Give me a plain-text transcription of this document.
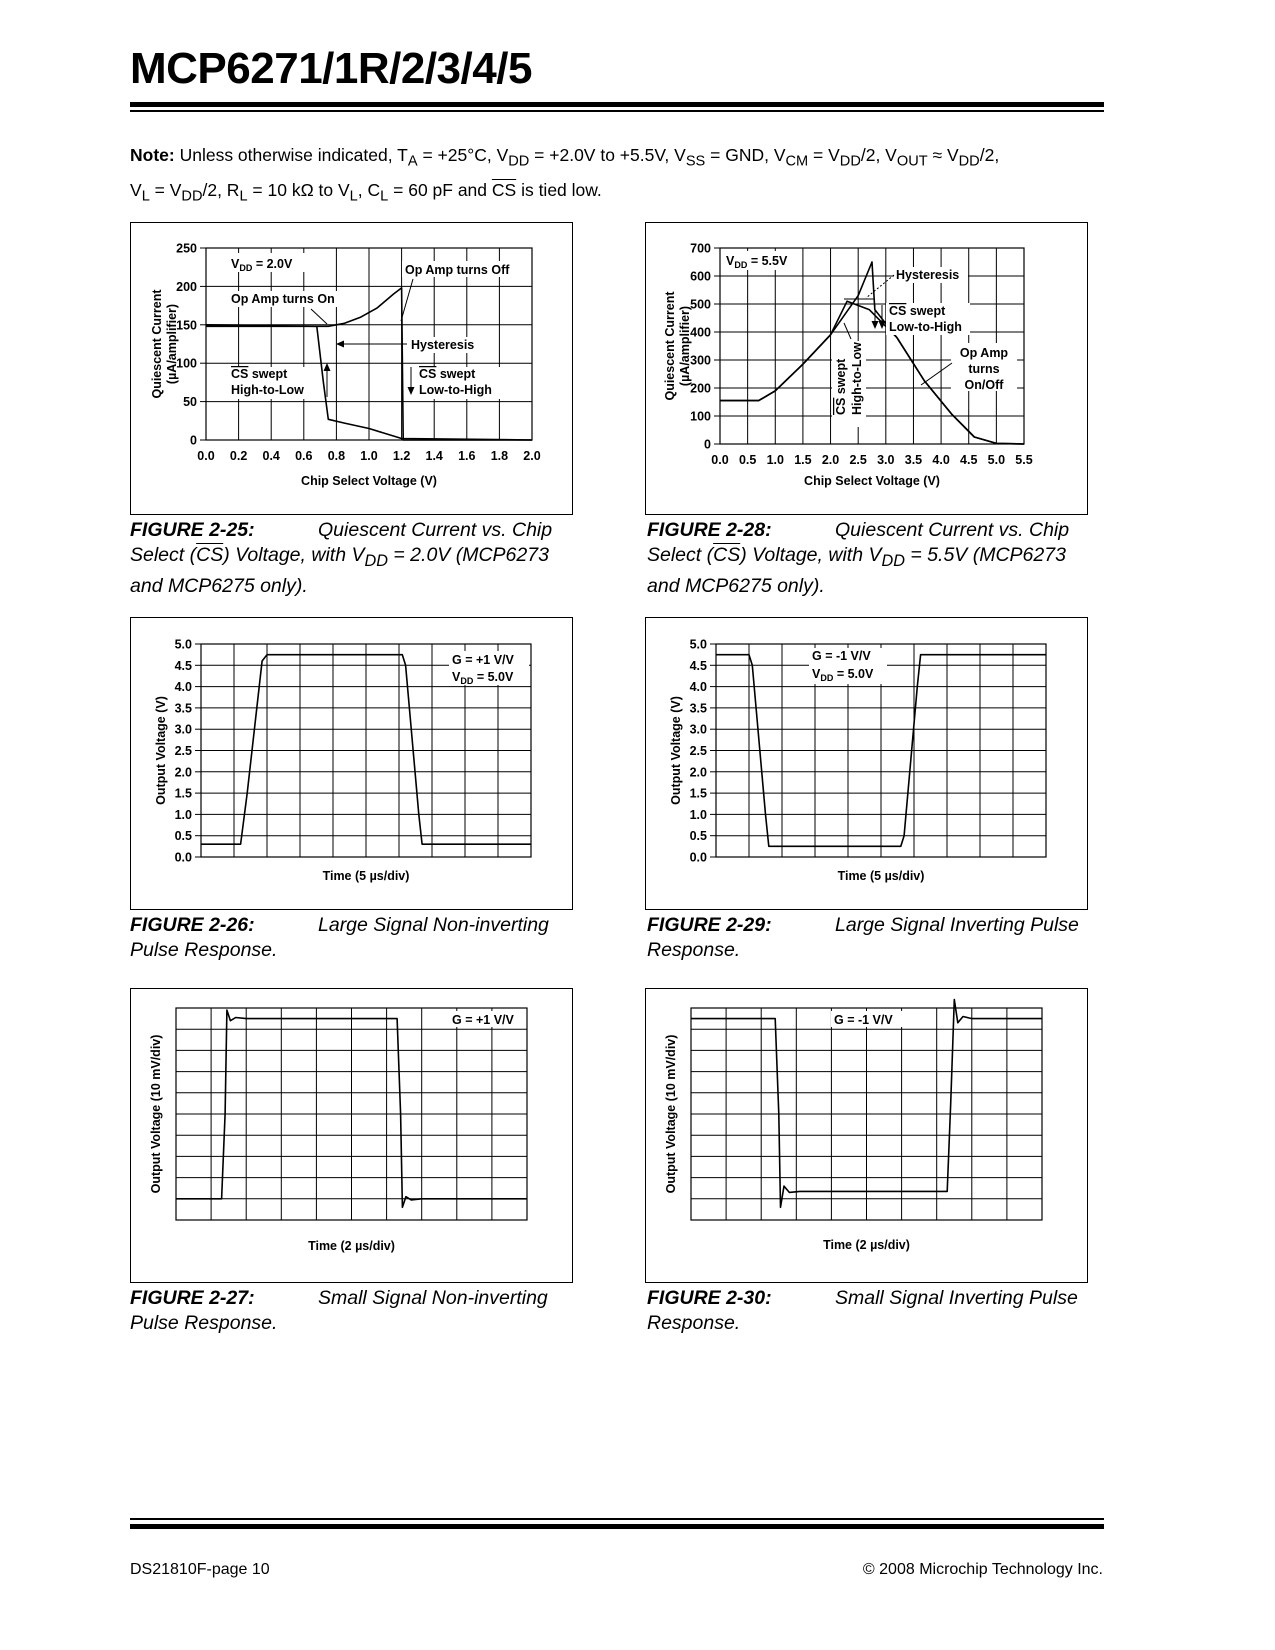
MCP6271/1R/2/3/4/5
Note: Unless otherwise indicated, $T_A = +25^\circ C$, $V_{DD} = +2.0V$ to +5.5V, $V_{SS}$ = GND, $V_{CM} = V_{DD}/2$, $V_{OUT} \approx V_{DD}/2$,
$V_L = V_{DD}/2$, $R_L = 10$ kΩ to $V_L$, $C_L = 60$ pF and $\overline{CS}$ is tied low.
0
50
100
150
200
250
0.0 0.2 0.4 0.6 0.8 1.0 1.2 1.4 1.6 1.8 2.0
Chip Select Voltage (V)
Quiescent Current (µA/amplifier)
$V_{DD} = 2.0V$	Op Amp turns Off
Op Amp turns On
Hysteresis
CS swept
High-to-Low
CS swept
Low-to-High
0
100
200
300
400
500
600
700
0.0 0.5 1.0 1.5 2.0 2.5 3.0 3.5 4.0 4.5 5.0 5.5
Chip Select Voltage (V)
Quiescent Current (µA/amplifier)
$V_{DD} = 5.5V$
Hysteresis
CS swept
Low-to-High
CS swept High-to-Low	Op Amp
turns
On/Off
0.0
0.5
1.0
1.5
2.0
2.5
3.0
3.5
4.0
4.5
5.0
Time (5 µs/div)
Output Voltage (V)
G = +1 V/V
$V_{DD} = 5.0V$
0.0
0.5
1.0
1.5
2.0
2.5
3.0
3.5
4.0
4.5
5.0
Time (5 µs/div)
Output Voltage (V)
G = -1 V/V
$V_{DD} = 5.0V$
Time (2 µs/div)
Output Voltage (10 mV/div)
G = +1 V/V
Time (2 µs/div)
Output Voltage (10 mV/div)
G = -1 V/V
FIGURE 2-25:	Quiescent Current vs. Chip
Select $(\overline{CS})$ Voltage, with $V_{DD} = 2.0V$ (MCP6273
and MCP6275 only).
FIGURE 2-28:	Quiescent Current vs. Chip
Select $(\overline{CS})$ Voltage, with $V_{DD} = 5.5V$ (MCP6273
and MCP6275 only).
FIGURE 2-26:	Large Signal Non-inverting
Pulse Response.
FIGURE 2-29:	Large Signal Inverting Pulse
Response.
FIGURE 2-27:	Small Signal Non-inverting
Pulse Response.
FIGURE 2-30:	Small Signal Inverting Pulse
Response.
DS21810F-page 10	© 2008 Microchip Technology Inc.
